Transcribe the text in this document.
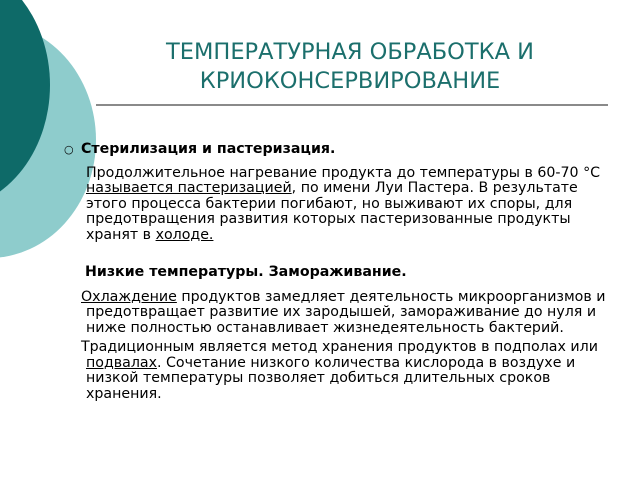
ТЕМПЕРАТУРНАЯ ОБРАБОТКА И
КРИОКОНСЕРВИРОВАНИЕ
○ Стерилизация и пастеризация.

Продолжительное нагревание продукта до температуры в 60-70 °С называется пастеризацией, по имени Луи Пастера. В результате этого процесса бактерии погибают, но выживают их споры, для предотвращения развития которых пастеризованные продукты хранят в холоде.

Низкие температуры. Замораживание.

Охлаждение продуктов замедляет деятельность микроорганизмов и предотвращает развитие их зародышей, замораживание до нуля и ниже полностью останавливает жизнедеятельность бактерий.

Традиционным является метод хранения продуктов в подполах или подвалах. Сочетание низкого количества кислорода в воздухе и низкой температуры позволяет добиться длительных сроков хранения.
